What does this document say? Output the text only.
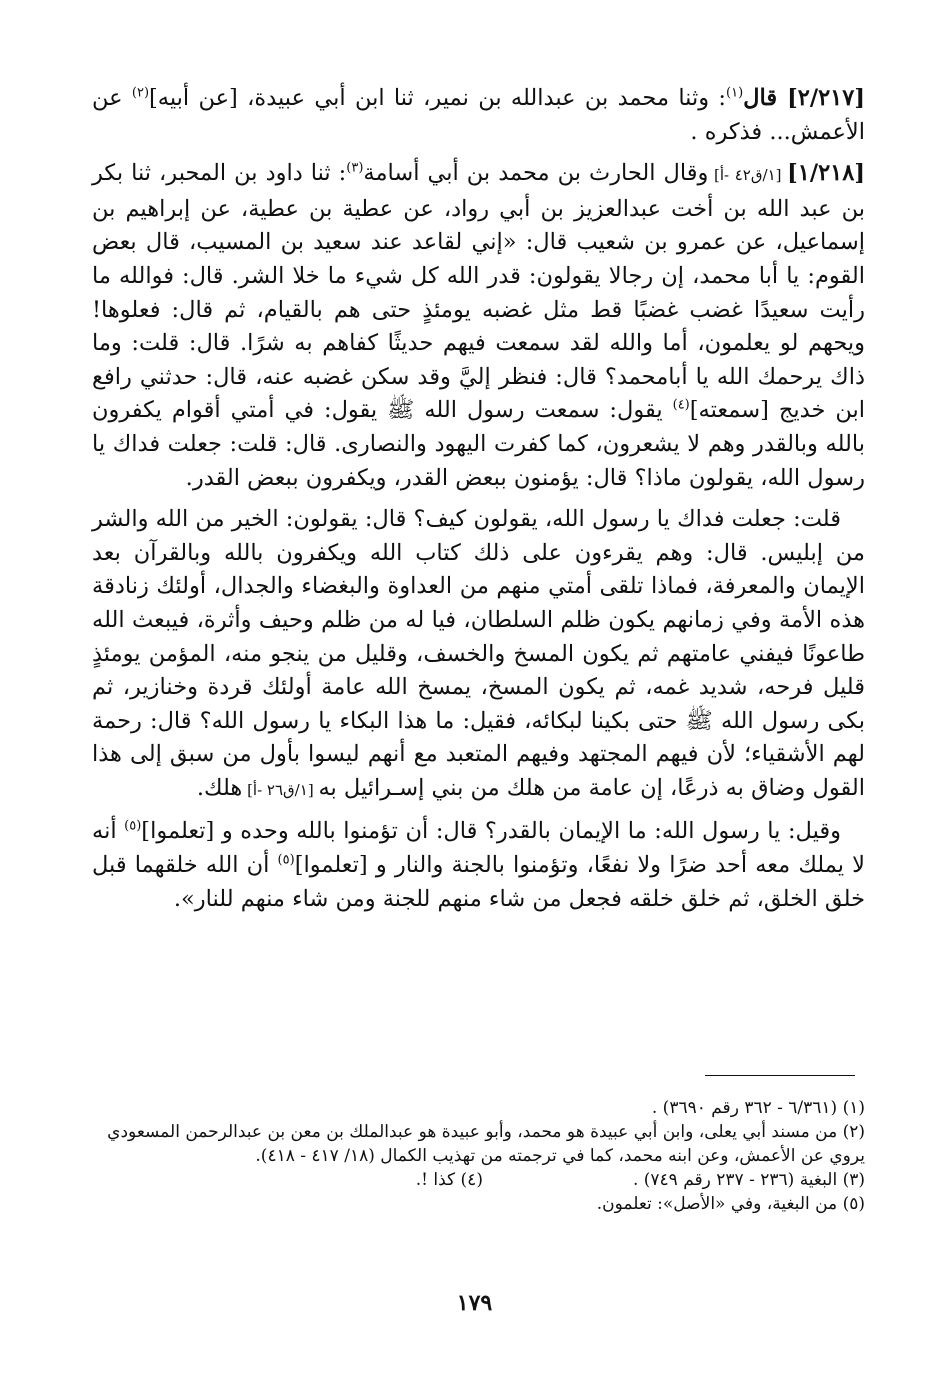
[٢/٢١٧] قال$^{(١)}$: وثنا محمد بن عبدالله بن نمير، ثنا ابن أبي عبيدة، [عن أبيه]$^{(٢)}$ عن الأعمش... فذكره .

[١/٢١٨] [١/ق٤٢ -أ] وقال الحارث بن محمد بن أبي أسامة$^{(٣)}$: ثنا داود بن المحبر، ثنا بكر بن عبد الله بن أخت عبدالعزيز بن أبي رواد، عن عطية بن عطية، عن إبراهيم بن إسماعيل، عن عمرو بن شعيب قال: «إني لقاعد عند سعيد بن المسيب، قال بعض القوم: يا أبا محمد، إن رجالا يقولون: قدر الله كل شيء ما خلا الشر. قال: فوالله ما رأيت سعيدًا غضب غضبًا قط مثل غضبه يومئذٍ حتى هم بالقيام، ثم قال: فعلوها! ويحهم لو يعلمون، أما والله لقد سمعت فيهم حديثًا كفاهم به شرًا. قال: قلت: وما ذاك يرحمك الله يا أبامحمد؟ قال: فنظر إليَّ وقد سكن غضبه عنه، قال: حدثني رافع ابن خديج [سمعته]$^{(٤)}$ يقول: سمعت رسول الله ﷺ يقول: في أمتي أقوام يكفرون بالله وبالقدر وهم لا يشعرون، كما كفرت اليهود والنصارى. قال: قلت: جعلت فداك يا رسول الله، يقولون ماذا؟ قال: يؤمنون ببعض القدر، ويكفرون ببعض القدر.

قلت: جعلت فداك يا رسول الله، يقولون كيف؟ قال: يقولون: الخير من الله والشر من إبليس. قال: وهم يقرءون على ذلك كتاب الله ويكفرون بالله وبالقرآن بعد الإيمان والمعرفة، فماذا تلقى أمتي منهم من العداوة والبغضاء والجدال، أولئك زنادقة هذه الأمة وفي زمانهم يكون ظلم السلطان، فيا له من ظلم وحيف وأثرة، فيبعث الله طاعونًا فيفني عامتهم ثم يكون المسخ والخسف، وقليل من ينجو منه، المؤمن يومئذٍ قليل فرحه، شديد غمه، ثم يكون المسخ، يمسخ الله عامة أولئك قردة وخنازير، ثم بكى رسول الله ﷺ حتى بكينا لبكائه، فقيل: ما هذا البكاء يا رسول الله؟ قال: رحمة لهم الأشقياء؛ لأن فيهم المجتهد وفيهم المتعبد مع أنهم ليسوا بأول من سبق إلى هذا القول وضاق به ذرعًا، إن عامة من هلك من بني إسـرائيل به [١/ق٢٦ -أ] هلك.

وقيل: يا رسول الله: ما الإيمان بالقدر؟ قال: أن تؤمنوا بالله وحده و [تعلموا]$^{(٥)}$ أنه لا يملك معه أحد ضرًا ولا نفعًا، وتؤمنوا بالجنة والنار و [تعلموا]$^{(٥)}$ أن الله خلقهما قبل خلق الخلق، ثم خلق خلقه فجعل من شاء منهم للجنة ومن شاء منهم للنار».

(١) (٦/٣٦١ - ٣٦٢ رقم ٣٦٩٠) .

(٢) من مسند أبي يعلى، وابن أبي عبيدة هو محمد، وأبو عبيدة هو عبدالملك بن معن بن عبدالرحمن المسعودي يروي عن الأعمش، وعن ابنه محمد، كما في ترجمته من تهذيب الكمال (١٨/ ٤١٧ - ٤١٨).

(٣) البغية (٢٣٦ - ٢٣٧ رقم ٧٤٩) .
(٤) كذا !.

(٥) من البغية، وفي «الأصل»: تعلمون.

١٧٩
